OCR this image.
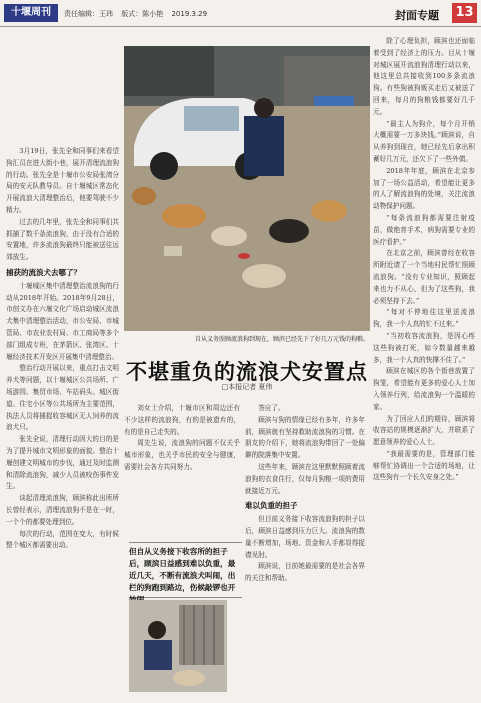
十堰周刊	责任编辑：王玮 版式：陈小艳 2019.3.29	封面专题 13
自从义务照顾流浪狗到现在，顾滨已经先下了好几万元钱的狗粮。
不堪重负的流浪犬安置点
□本报记者 夏伟

3月19日，张先全和同事们来看望狗汇员在进大街小巷，展开清理流浪狗的行动。张先全是十堰市公安局张湾分局的安天队教导员。自十堰城区常态化开展流浪大清理整治后，他要驾驶不少精力。

过去的几年里，张先全和同事们共抓捕了数千条流浪狗，由于没有合适的安置地，许多流浪狗最终只能被送往远郊放生。

捕获的流浪犬去哪了？

十堰城区集中清理整治流浪狗的行动从2018年开始。2018年9月28日，市创文办在六堰文化广场启动城区流浪犬集中清理整治活动，市公安局、市城管局、市农业农村局、市工商局等多个部门组成专班，在茅箭区、张湾区、十堰经济技术开发区开展集中清理整治。

整治行动开展以来，重点打击文明养犬等问题，以十堰城区公共场所、广场游园、集贸市场、车站码头、城区街道、住宅小区等公共场所为主要范围，执法人员将捕捉收容城区无人饲养的流浪犬只。

张先全说，清理行动因大的目的是为了提升城市文明形象的面貌。整治十堰创建文明城市的步伐，通过及时监测和清除流浪狗，减少人员被咬伤事件发生。

谈起清理流浪狗，顾滨称此出所所长曾经表示，清理流浪狗不是在一时，一个个的都要处理到位。

每次的行动，范围在变大，有时候整个城区都需要出动。

刘女士介绍，十堰市区和周边还有不少这样的流浪狗，有的是被遗弃的，有的是自己走失的。

周先生说，流浪狗的问题不仅关乎城市形象，也关乎市民的安全与健康，需要社会各方共同努力。

但自从义务接下收容所的担子后，顾滨日益感到难以负重，最近几天，不断有流浪犬叫闹，出栏的狗跑到路边，伤候敲锣也开

答应了。

顾滨与狗的情缘已经有多年，许多年前，顾滨就有坚持救助流浪狗的习惯。在朋友的介绍下，她将流浪狗带回了一处偏僻的院落集中安置。

这些年来，顾滨在这里默默照顾着流浪狗的衣食住行，仅每月狗粮一项的费用就接近万元。

难以负重的担子

但目前义务接下收容流浪狗的担子以后，顾滨日益感到压力巨大。流浪狗的数量不断增加，场地、资金和人手都显得捉襟见肘。

顾滨说，目前她最需要的是社会各界的关注和帮助。

除了心理负担，顾滨也还面临着受到了经济上的压力。目从十堰对城区展开流浪狗清理行动以来，他这里总共接收到100多条流浪狗。有些狗被狗贩买走后又被送了回来，每月的狗粮钱都要好几千元。

“最主人为狗介，每个月开销大概需要一万多块钱。”顾滨说，自从养狗到现在，她已经先后拿出积蓄好几万元，还欠下了一些外债。

2018年年底，顾滨在北京参加了一场公益活动，希望能让更多的人了解流浪狗的处境，关注流浪动物保护问题。

“每条流浪狗都需要注射疫苗，做绝育手术，病狗需要专业的医疗看护。”

在北京之前，顾滨曾经在收容所附近请了一个当地村民帮忙照顾流浪狗。“没有专业知识，照顾起来也力不从心，但为了这些狗，我必须坚持下去。”

“每对不停地往这里送流浪狗，我一个人真的忙不过来。”

“当初收容流浪狗，是因心疼这些狗被打死，如今数量越来越多，我一个人真的快撑不住了。”

顾滨在城区的各个街巷放置了狗笼，希望能有更多的爱心人士加入领养行列，给流浪狗一个温暖的家。

为了回应人们的期待，顾滨将收容站的规模逐渐扩大，并联系了愿意领养的爱心人士。

“我最需要的是，管理部门能够帮忙协调出一个合适的场地，让这些狗有一个长久安身之处。”
